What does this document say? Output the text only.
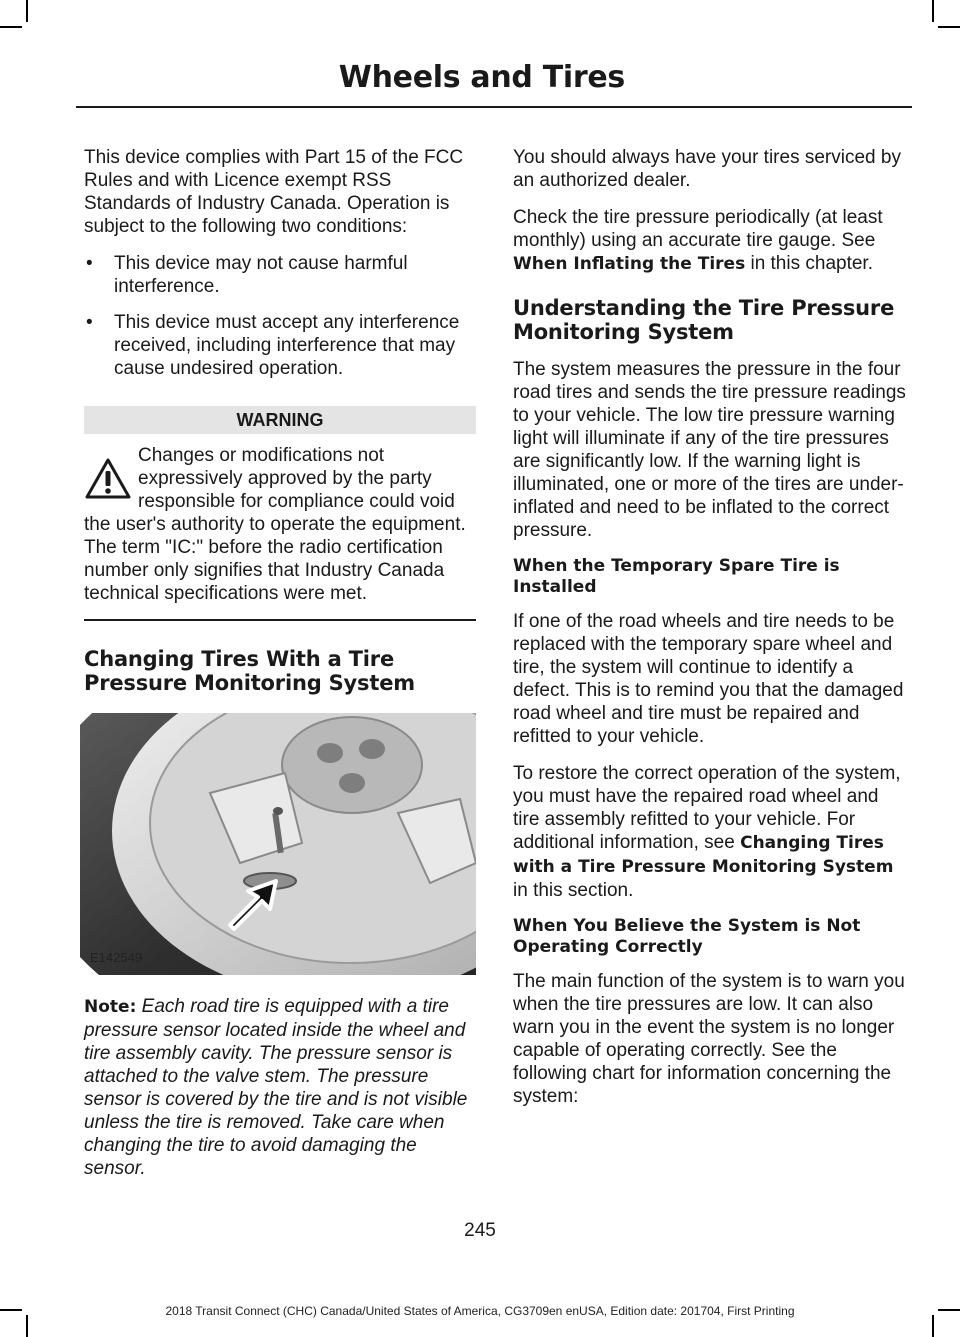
Wheels and Tires

This device complies with Part 15 of the FCC Rules and with Licence exempt RSS Standards of Industry Canada. Operation is subject to the following two conditions:

• This device may not cause harmful interference.
• This device must accept any interference received, including interference that may cause undesired operation.
WARNING
Changes or modifications not expressively approved by the party responsible for compliance could void the user's authority to operate the equipment. The term "IC:" before the radio certification number only signifies that Industry Canada technical specifications were met.
Changing Tires With a Tire Pressure Monitoring System
E142549

Note: Each road tire is equipped with a tire pressure sensor located inside the wheel and tire assembly cavity. The pressure sensor is attached to the valve stem. The pressure sensor is covered by the tire and is not visible unless the tire is removed. Take care when changing the tire to avoid damaging the sensor.

You should always have your tires serviced by an authorized dealer.

Check the tire pressure periodically (at least monthly) using an accurate tire gauge. See When Inflating the Tires in this chapter.

Understanding the Tire Pressure Monitoring System

The system measures the pressure in the four road tires and sends the tire pressure readings to your vehicle. The low tire pressure warning light will illuminate if any of the tire pressures are significantly low. If the warning light is illuminated, one or more of the tires are under-inflated and need to be inflated to the correct pressure.

When the Temporary Spare Tire is Installed

If one of the road wheels and tire needs to be replaced with the temporary spare wheel and tire, the system will continue to identify a defect. This is to remind you that the damaged road wheel and tire must be repaired and refitted to your vehicle.

To restore the correct operation of the system, you must have the repaired road wheel and tire assembly refitted to your vehicle. For additional information, see Changing Tires with a Tire Pressure Monitoring System in this section.

When You Believe the System is Not Operating Correctly

The main function of the system is to warn you when the tire pressures are low. It can also warn you in the event the system is no longer capable of operating correctly. See the following chart for information concerning the system:

245
2018 Transit Connect (CHC) Canada/United States of America, CG3709en enUSA, Edition date: 201704, First Printing
